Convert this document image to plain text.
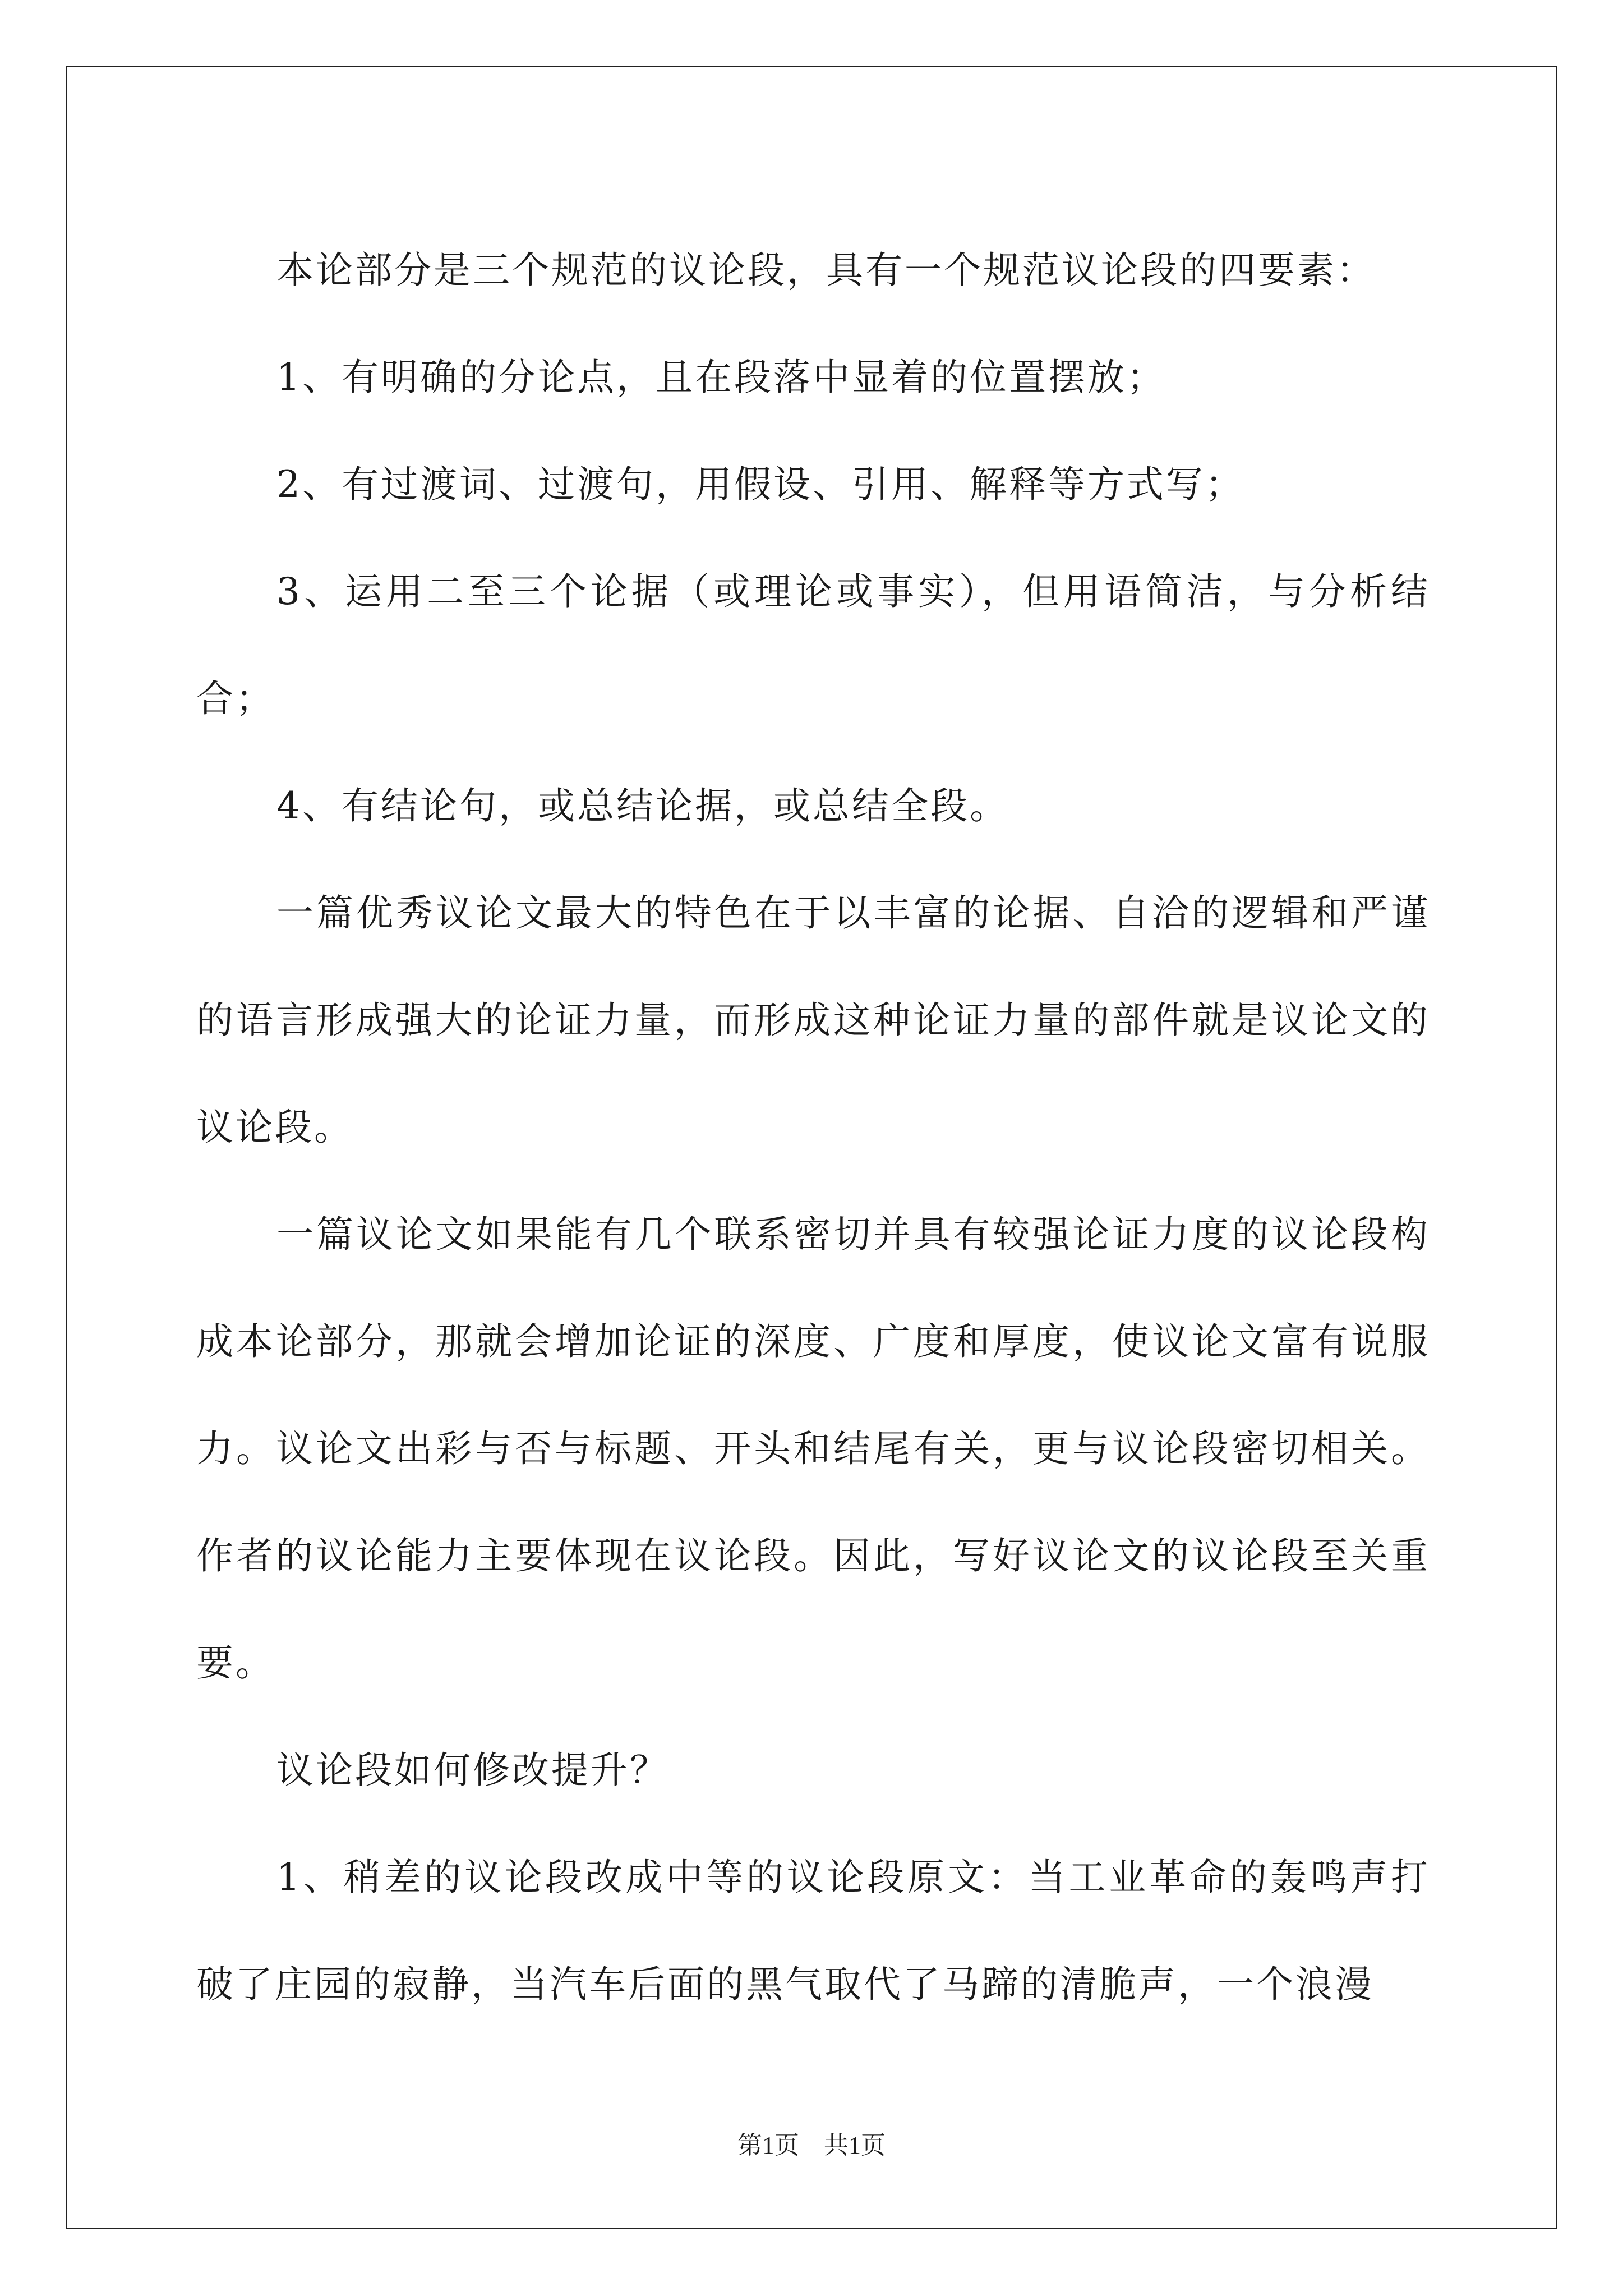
本论部分是三个规范的议论段，具有一个规范议论段的四要素：

1、有明确的分论点，且在段落中显着的位置摆放；

2、有过渡词、过渡句，用假设、引用、解释等方式写；

3、运用二至三个论据（或理论或事实），但用语简洁，与分析结合；

4、有结论句，或总结论据，或总结全段。

一篇优秀议论文最大的特色在于以丰富的论据、自洽的逻辑和严谨的语言形成强大的论证力量，而形成这种论证力量的部件就是议论文的议论段。

一篇议论文如果能有几个联系密切并具有较强论证力度的议论段构成本论部分，那就会增加论证的深度、广度和厚度，使议论文富有说服力。议论文出彩与否与标题、开头和结尾有关，更与议论段密切相关。作者的议论能力主要体现在议论段。因此，写好议论文的议论段至关重要。

议论段如何修改提升？

1、稍差的议论段改成中等的议论段原文：当工业革命的轰鸣声打破了庄园的寂静，当汽车后面的黑气取代了马蹄的清脆声，一个浪漫

第1页 共1页
